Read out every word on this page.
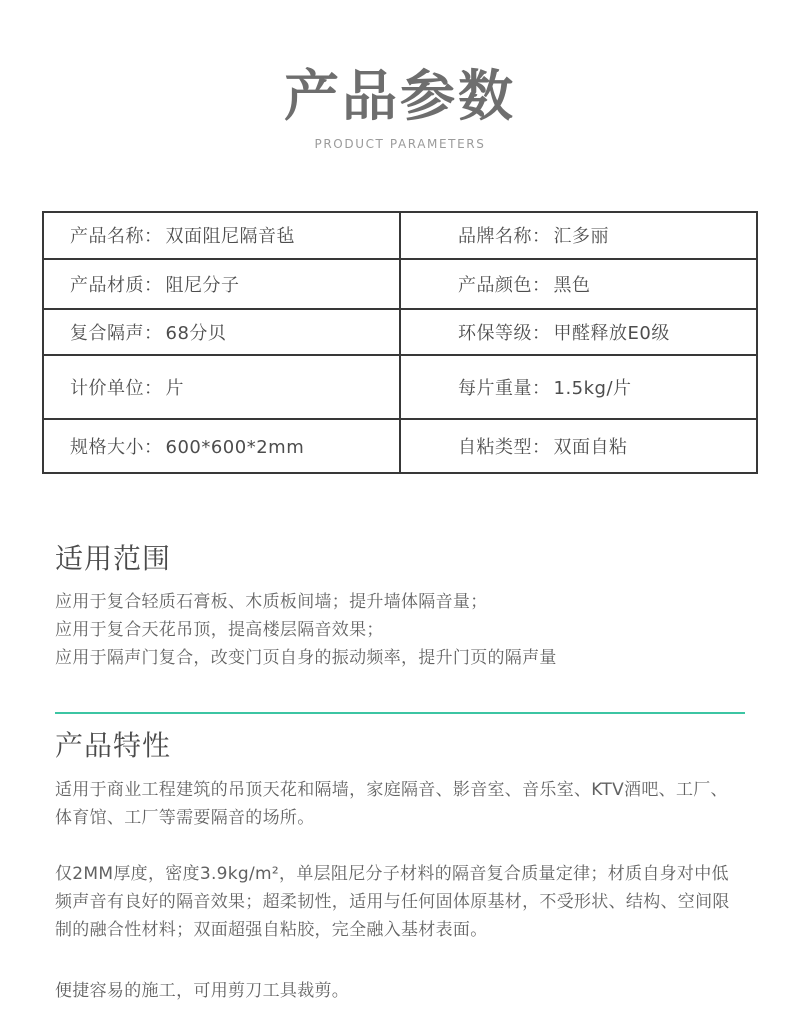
产品参数
PRODUCT PARAMETERS
产品名称： 双面阻尼隔音毡	品牌名称： 汇多丽
产品材质： 阻尼分子	产品颜色： 黑色
复合隔声： 68分贝	环保等级： 甲醛释放E0级
计价单位： 片	每片重量： 1.5kg/片
规格大小： 600*600*2mm	自粘类型： 双面自粘
适用范围

应用于复合轻质石膏板、木质板间墙；提升墙体隔音量；

应用于复合天花吊顶，提高楼层隔音效果；

应用于隔声门复合，改变门页自身的振动频率，提升门页的隔声量

产品特性

适用于商业工程建筑的吊顶天花和隔墙，家庭隔音、影音室、音乐室、KTV酒吧、工厂、体育馆、工厂等需要隔音的场所。

仅2MM厚度，密度3.9kg/m²，单层阻尼分子材料的隔音复合质量定律；材质自身对中低频声音有良好的隔音效果；超柔韧性，适用与任何固体原基材，不受形状、结构、空间限制的融合性材料；双面超强自粘胶，完全融入基材表面。

便捷容易的施工，可用剪刀工具裁剪。
